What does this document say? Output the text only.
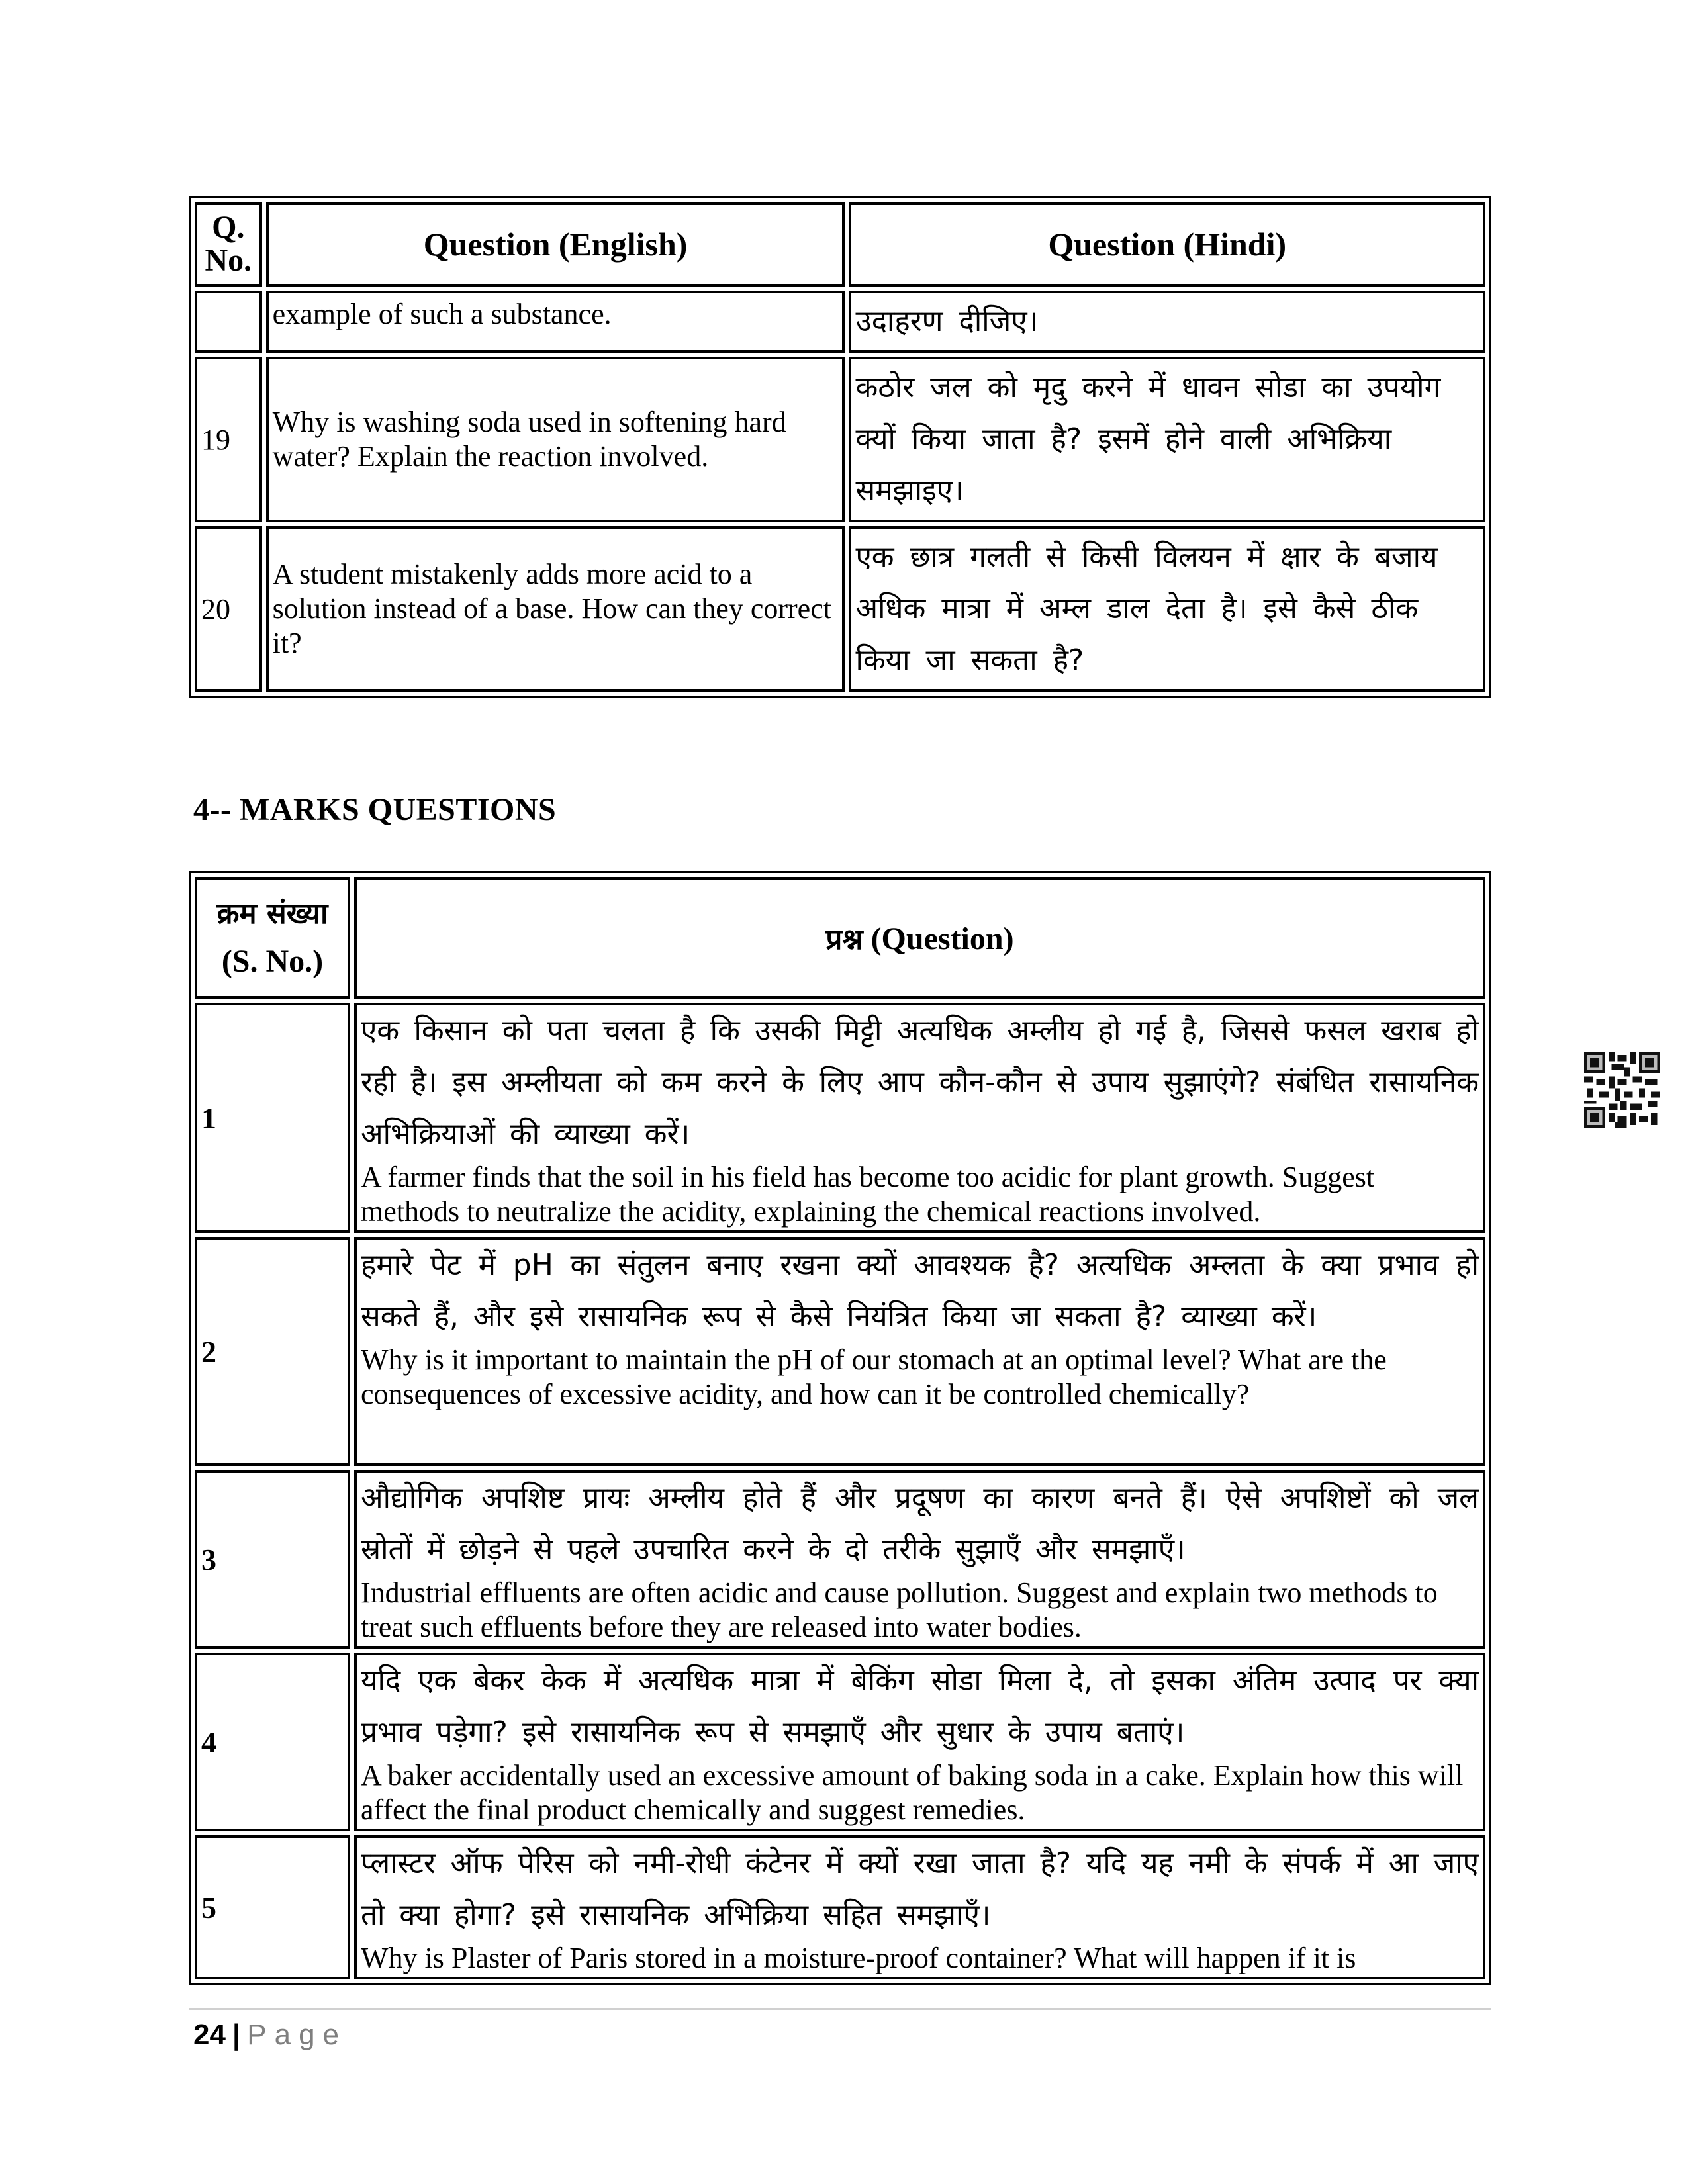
Q. No.	Question (English)	Question (Hindi)
	example of such a substance.	उदाहरण दीजिए।
19	Why is washing soda used in softening hard water? Explain the reaction involved.	कठोर जल को मृदु करने में धावन सोडा का उपयोग क्यों किया जाता है? इसमें होने वाली अभिक्रिया समझाइए।
20	A student mistakenly adds more acid to a solution instead of a base. How can they correct it?	एक छात्र गलती से किसी विलयन में क्षार के बजाय अधिक मात्रा में अम्ल डाल देता है। इसे कैसे ठीक किया जा सकता है?
4-- MARKS QUESTIONS
क्रम संख्या
(S. No.)	प्रश्न (Question)
1	एक किसान को पता चलता है कि उसकी मिट्टी अत्यधिक अम्लीय हो गई है, जिससे फसल खराब हो रही है। इस अम्लीयता को कम करने के लिए आप कौन-कौन से उपाय सुझाएंगे? संबंधित रासायनिक अभिक्रियाओं की व्याख्या करें।
A farmer finds that the soil in his field has become too acidic for plant growth. Suggest methods to neutralize the acidity, explaining the chemical reactions involved.

2	हमारे पेट में pH का संतुलन बनाए रखना क्यों आवश्यक है? अत्यधिक अम्लता के क्या प्रभाव हो सकते हैं, और इसे रासायनिक रूप से कैसे नियंत्रित किया जा सकता है? व्याख्या करें।
Why is it important to maintain the pH of our stomach at an optimal level? What are the consequences of excessive acidity, and how can it be controlled chemically?

3	औद्योगिक अपशिष्ट प्रायः अम्लीय होते हैं और प्रदूषण का कारण बनते हैं। ऐसे अपशिष्टों को जल स्रोतों में छोड़ने से पहले उपचारित करने के दो तरीके सुझाएँ और समझाएँ।
Industrial effluents are often acidic and cause pollution. Suggest and explain two methods to treat such effluents before they are released into water bodies.

4	यदि एक बेकर केक में अत्यधिक मात्रा में बेकिंग सोडा मिला दे, तो इसका अंतिम उत्पाद पर क्या प्रभाव पड़ेगा? इसे रासायनिक रूप से समझाएँ और सुधार के उपाय बताएं।
A baker accidentally used an excessive amount of baking soda in a cake. Explain how this will affect the final product chemically and suggest remedies.

5	प्लास्टर ऑफ पेरिस को नमी-रोधी कंटेनर में क्यों रखा जाता है? यदि यह नमी के संपर्क में आ जाए तो क्या होगा? इसे रासायनिक अभिक्रिया सहित समझाएँ।
Why is Plaster of Paris stored in a moisture-proof container? What will happen if it is
24 | Page
